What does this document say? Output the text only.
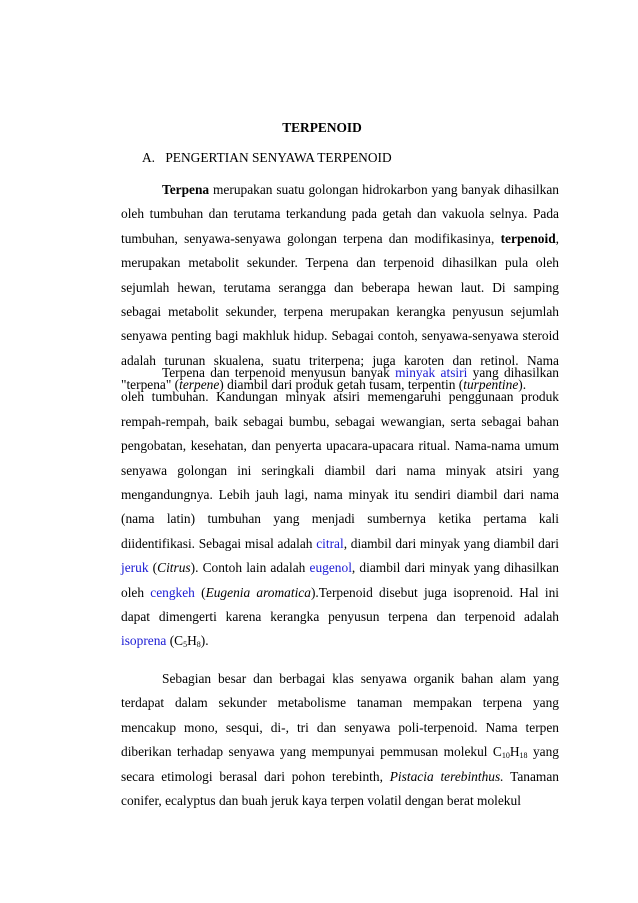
TERPENOID
A. PENGERTIAN SENYAWA TERPENOID

Terpena merupakan suatu golongan hidrokarbon yang banyak dihasilkan oleh tumbuhan dan terutama terkandung pada getah dan vakuola selnya. Pada tumbuhan, senyawa-senyawa golongan terpena dan modifikasinya, terpenoid, merupakan metabolit sekunder. Terpena dan terpenoid dihasilkan pula oleh sejumlah hewan, terutama serangga dan beberapa hewan laut. Di samping sebagai metabolit sekunder, terpena merupakan kerangka penyusun sejumlah senyawa penting bagi makhluk hidup. Sebagai contoh, senyawa-senyawa steroid adalah turunan skualena, suatu triterpena; juga karoten dan retinol. Nama "terpena" (terpene) diambil dari produk getah tusam, terpentin (turpentine).

Terpena dan terpenoid menyusun banyak minyak atsiri yang dihasilkan oleh tumbuhan. Kandungan minyak atsiri memengaruhi penggunaan produk rempah-rempah, baik sebagai bumbu, sebagai wewangian, serta sebagai bahan pengobatan, kesehatan, dan penyerta upacara-upacara ritual. Nama-nama umum senyawa golongan ini seringkali diambil dari nama minyak atsiri yang mengandungnya. Lebih jauh lagi, nama minyak itu sendiri diambil dari nama (nama latin) tumbuhan yang menjadi sumbernya ketika pertama kali diidentifikasi. Sebagai misal adalah citral, diambil dari minyak yang diambil dari jeruk (Citrus). Contoh lain adalah eugenol, diambil dari minyak yang dihasilkan oleh cengkeh (Eugenia aromatica).Terpenoid disebut juga isoprenoid. Hal ini dapat dimengerti karena kerangka penyusun terpena dan terpenoid adalah isoprena $(C_5H_8)$.

Sebagian besar dan berbagai klas senyawa organik bahan alam yang terdapat dalam sekunder metabolisme tanaman mempakan terpena yang mencakup mono, sesqui, di-, tri dan senyawa poli-terpenoid. Nama terpen diberikan terhadap senyawa yang mempunyai pemmusan molekul $C_{10}H_{18}$ yang secara etimologi berasal dari pohon terebinth, Pistacia terebinthus. Tanaman conifer, ecalyptus dan buah jeruk kaya terpen volatil dengan berat molekul
